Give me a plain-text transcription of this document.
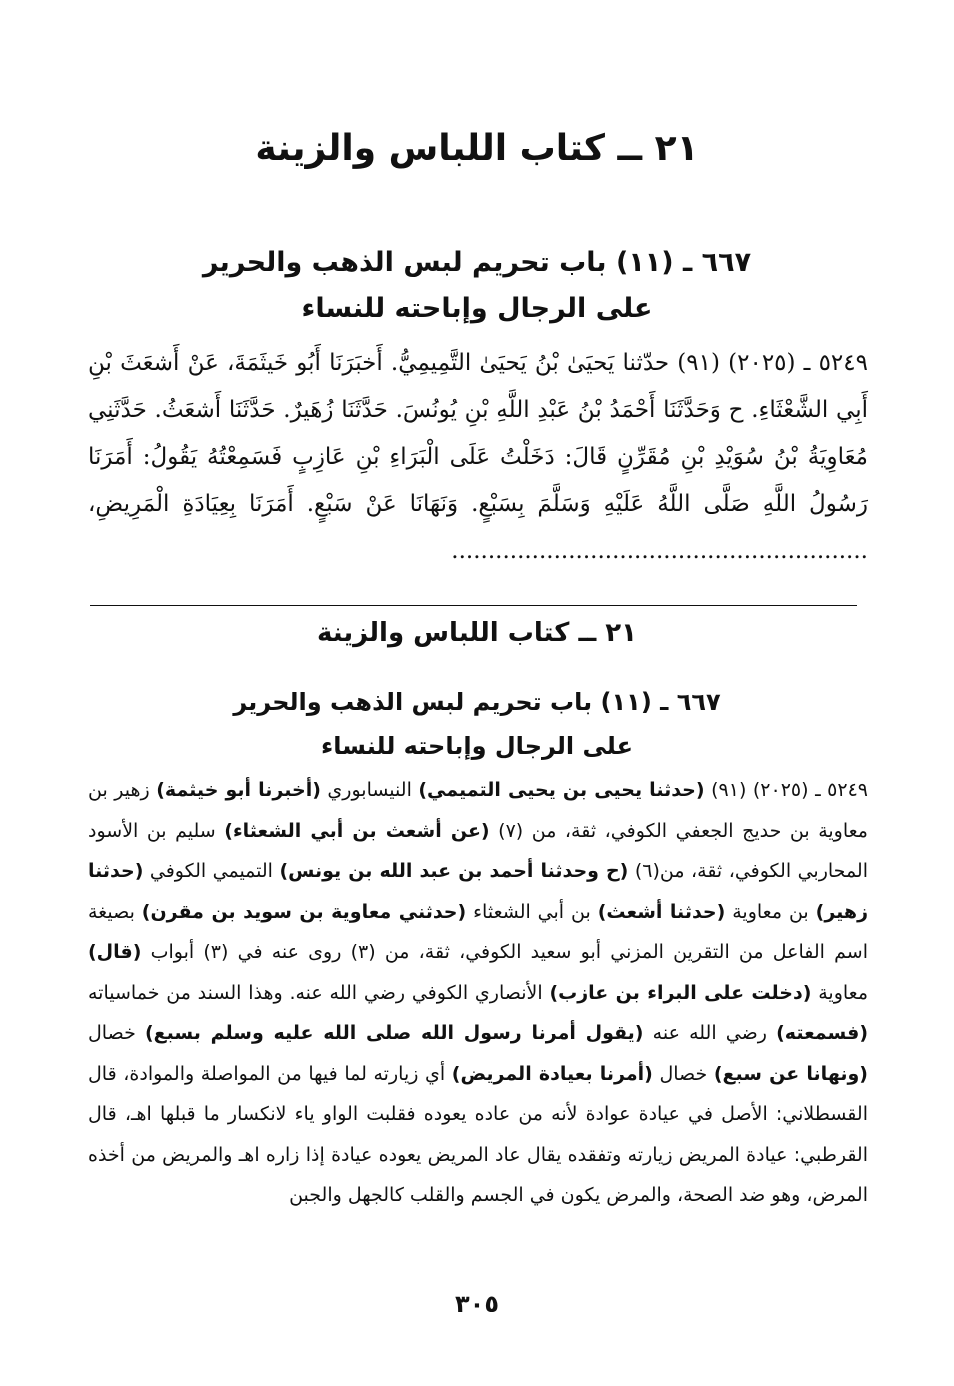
٢١ ــ كتاب اللباس والزينة
٦٦٧ ـ (١١) باب تحريم لبس الذهب والحرير
على الرجال وإباحته للنساء
٥٢٤٩ ـ (٢٠٢٥) (٩١) حدّثنا يَحيَىٰ بْنُ يَحيَىٰ التَّمِيمِيُّ. أَخبَرَنَا أَبُو خَيثَمَةَ، عَنْ أَشعَثَ بْنِ أَبِي الشَّعْثَاءِ. ح وَحَدَّثَنَا أَحْمَدُ بْنُ عَبْدِ اللَّهِ بْنِ يُونُسَ. حَدَّثَنَا زُهَيرٌ. حَدَّثَنَا أَشعَثُ. حَدَّثَنِي مُعَاوِيَةُ بْنُ سُوَيْدِ بْنِ مُقَرِّنٍ قَالَ: دَخَلْتُ عَلَى الْبَرَاءِ بْنِ عَازِبٍ فَسَمِعْتُهُ يَقُولُ: أَمَرَنَا رَسُولُ اللَّهِ صَلَّى اللَّهُ عَلَيْهِ وَسَلَّمَ بِسَبْعٍ. وَنَهَانَا عَنْ سَبْعٍ. أَمَرَنَا بِعِيَادَةِ الْمَرِيضِ، .........................................................
٢١ ــ كتاب اللباس والزينة
٦٦٧ ـ (١١) باب تحريم لبس الذهب والحرير
على الرجال وإباحته للنساء
٥٢٤٩ ـ (٢٠٢٥) (٩١) (حدثنا يحيى بن يحيى التميمي) النيسابوري (أخبرنا أبو خيثمة) زهير بن معاوية بن حديج الجعفي الكوفي، ثقة، من (٧) (عن أشعث بن أبي الشعثاء) سليم بن الأسود المحاربي الكوفي، ثقة، من(٦) (ح وحدثنا أحمد بن عبد الله بن يونس) التميمي الكوفي (حدثنا زهير) بن معاوية (حدثنا أشعث) بن أبي الشعثاء (حدثني معاوية بن سويد بن مقرن) بصيغة اسم الفاعل من التقرين المزني أبو سعيد الكوفي، ثقة، من (٣) روى عنه في (٣) أبواب (قال) معاوية (دخلت على البراء بن عازب) الأنصاري الكوفي رضي الله عنه. وهذا السند من خماسياته (فسمعته) رضي الله عنه (يقول أمرنا رسول الله صلى الله عليه وسلم بسبع) خصال (ونهانا عن سبع) خصال (أمرنا بعيادة المريض) أي زيارته لما فيها من المواصلة والموادة، قال القسطلاني: الأصل في عيادة عوادة لأنه من عاده يعوده فقلبت الواو ياء لانكسار ما قبلها اهـ، قال القرطبي: عيادة المريض زيارته وتفقده يقال عاد المريض يعوده عيادة إذا زاره اهـ والمريض من أخذه المرض، وهو ضد الصحة، والمرض يكون في الجسم والقلب كالجهل والجبن
٣٠٥
